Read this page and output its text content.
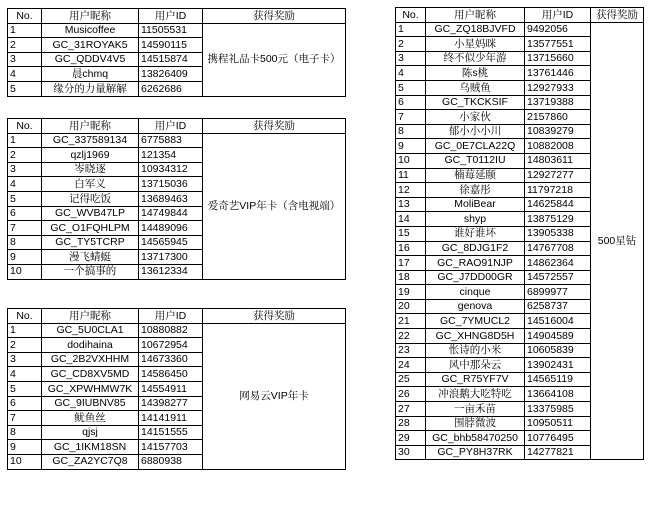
No.	用户昵称	用户ID	获得奖励
1	Musicoffee	11505531	携程礼品卡500元（电子卡）
2	GC_31ROYAK5	14590115	
3	GC_QDDV4V5	14515874	
4	晨chmq	13826409	
5	缘分的力量解解	6262686	
No.	用户昵称	用户ID	获得奖励
1	GC_337589134	6775883	爱奇艺VIP年卡（含电视端）
2	qzlj1969	121354	
3	岑晓逐	10934312	
4	白军义	13715036	
5	记得吃饭	13689463	
6	GC_WVB47LP	14749844	
7	GC_O1FQHLPM	14489096	
8	GC_TY5TCRP	14565945	
9	漫飞蜻蜓	13717300	
10	一个搞事的	13612334	
No.	用户昵称	用户ID	获得奖励
1	GC_5U0CLA1	10880882	网易云VIP年卡
2	dodihaina	10672954	
3	GC_2B2VXHHM	14673360	
4	GC_CD8XV5MD	14586450	
5	GC_XPWHMW7K	14554911	
6	GC_9IUBNV85	14398277	
7	鱿鱼丝	14141911	
8	qjsj	14151555	
9	GC_1IKM18SN	14157703	
10	GC_ZA2YC7Q8	6880938	
No.	用户昵称	用户ID	获得奖励
1	GC_ZQ18BJVFD	9492056	500星钻
2	小星妈咪	13577551	
3	终不似少年游	13715660	
4	陈s桃	13761446	
5	乌贼鱼	12927933	
6	GC_TKCKSIF	13719388	
7	小家伙	2157860	
8	郁小小小川	10839279	
9	GC_0E7CLA22Q	10882008	
10	GC_T0112IU	14803611	
11	楠莓延颐	12927277	
12	徐嘉彤	11797218	
13	MoliBear	14625844	
14	shyp	13875129	
15	谁好谁坏	13905338	
16	GC_8DJG1F2	14767708	
17	GC_RAO91NJP	14862364	
18	GC_J7DD00GR	14572557	
19	cinque	6899977	
20	genova	6258737	
21	GC_7YMUCL2	14516004	
22	GC_XHNG8D5H	14904589	
23	怅诗的小米	10605839	
24	风中那朵云	13902431	
25	GC_R75YF7V	14565119	
26	冲浪鹅大吃特吃	13664108	
27	一亩禾苗	13375985	
28	围脖微波	10950511	
29	GC_bhb58470250	10776495	
30	GC_PY8H37RK	14277821	
